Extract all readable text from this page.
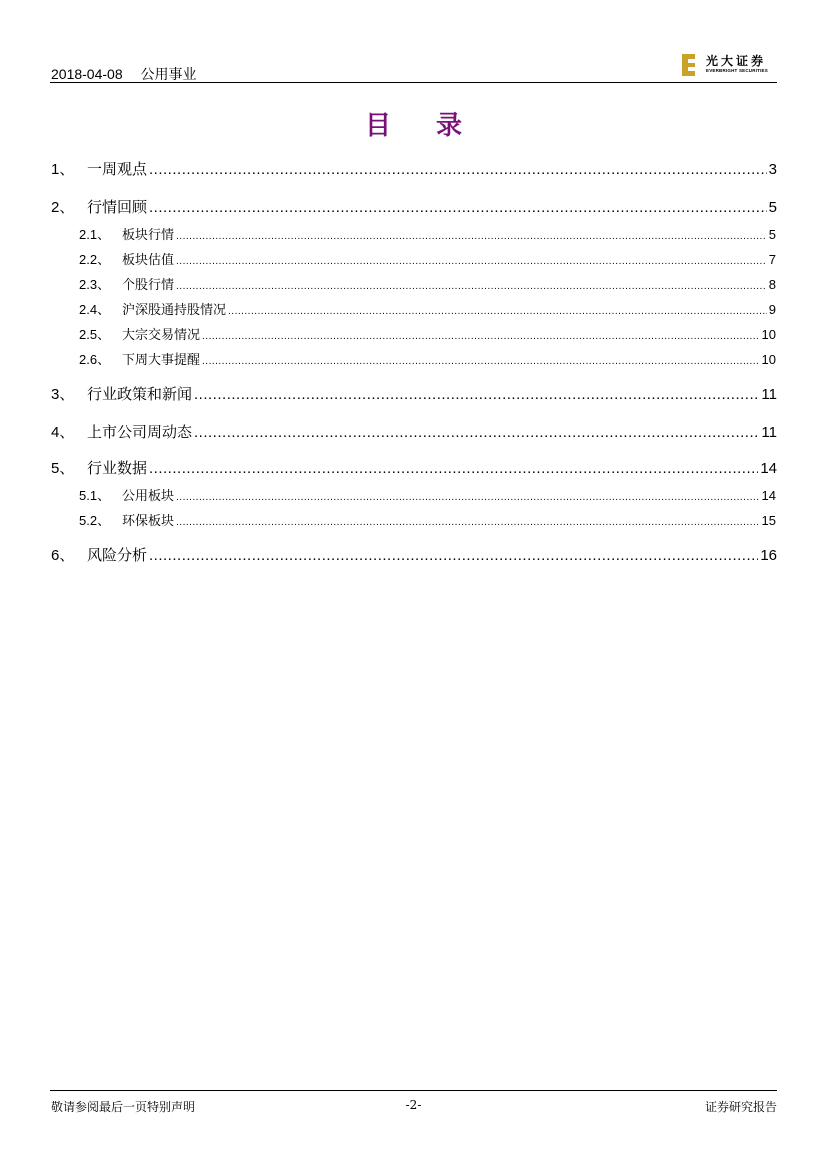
2018-04-08 公用事业
光大证券
EVERBRIGHT SECURITIES
目 录
1、 一周观点 .....	3
2、 行情回顾 .....	5
2.1、 板块行情 .....	5
2.2、 板块估值 .....	7
2.3、 个股行情 .....	8
2.4、 沪深股通持股情况 .....	9
2.5、 大宗交易情况 .....	10
2.6、 下周大事提醒 .....	10
3、 行业政策和新闻 .....	11
4、 上市公司周动态 .....	11
5、 行业数据 .....	14
5.1、 公用板块 .....	14
5.2、 环保板块 .....	15
6、 风险分析 .....	16
敬请参阅最后一页特别声明	-2-	证券研究报告
